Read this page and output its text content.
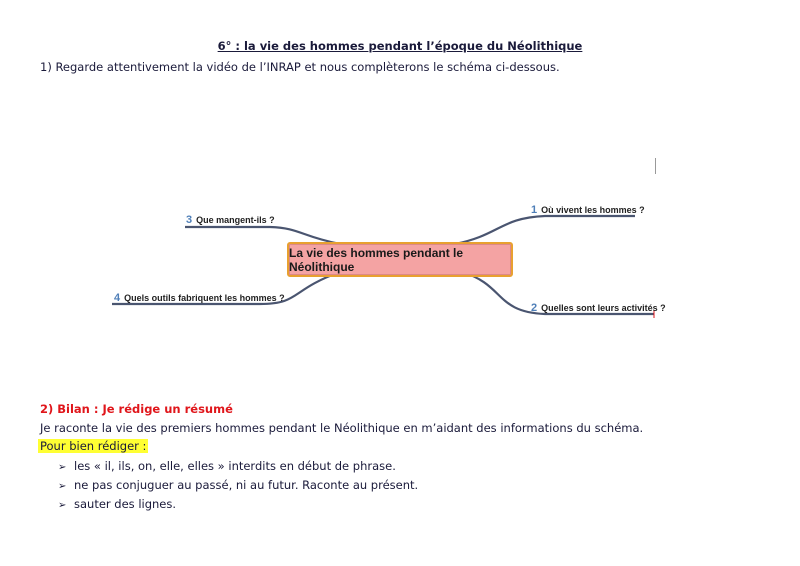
6° : la vie des hommes pendant l’époque du Néolithique
1) Regarde attentivement la vidéo de l’INRAP et nous complèterons le schéma ci-dessous.
La vie des hommes pendant le Néolithique
1 Où vivent les hommes ?
2 Quelles sont leurs activités ?
3 Que mangent-ils ?
4 Quels outils fabriquent les hommes ?
2) Bilan : Je rédige un résumé
Je raconte la vie des premiers hommes pendant le Néolithique en m’aidant des informations du schéma.
Pour bien rédiger :
➢ les « il, ils, on, elle, elles » interdits en début de phrase.
➢ ne pas conjuguer au passé, ni au futur. Raconte au présent.
➢ sauter des lignes.
